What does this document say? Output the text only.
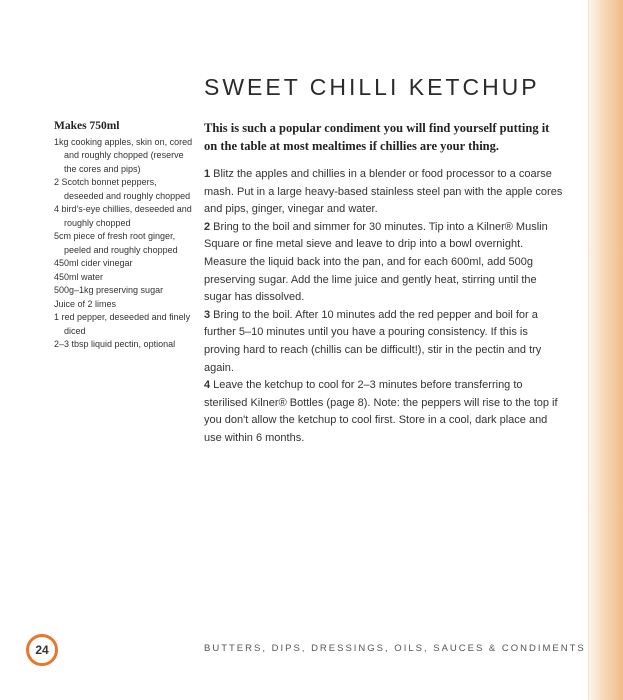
SWEET CHILLI KETCHUP
Makes 750ml
1kg cooking apples, skin on, cored and roughly chopped (reserve the cores and pips)
2 Scotch bonnet peppers, deseeded and roughly chopped
4 bird's-eye chillies, deseeded and roughly chopped
5cm piece of fresh root ginger, peeled and roughly chopped
450ml cider vinegar
450ml water
500g–1kg preserving sugar
Juice of 2 limes
1 red pepper, deseeded and finely diced
2–3 tbsp liquid pectin, optional

This is such a popular condiment you will find yourself putting it on the table at most mealtimes if chillies are your thing.

1 Blitz the apples and chillies in a blender or food processor to a coarse mash. Put in a large heavy-based stainless steel pan with the apple cores and pips, ginger, vinegar and water.

2 Bring to the boil and simmer for 30 minutes. Tip into a Kilner® Muslin Square or fine metal sieve and leave to drip into a bowl overnight. Measure the liquid back into the pan, and for each 600ml, add 500g preserving sugar. Add the lime juice and gently heat, stirring until the sugar has dissolved.

3 Bring to the boil. After 10 minutes add the red pepper and boil for a further 5–10 minutes until you have a pouring consistency. If this is proving hard to reach (chillis can be difficult!), stir in the pectin and try again.

4 Leave the ketchup to cool for 2–3 minutes before transferring to sterilised Kilner® Bottles (page 8). Note: the peppers will rise to the top if you don't allow the ketchup to cool first. Store in a cool, dark place and use within 6 months.

24	BUTTERS, DIPS, DRESSINGS, OILS, SAUCES & CONDIMENTS
